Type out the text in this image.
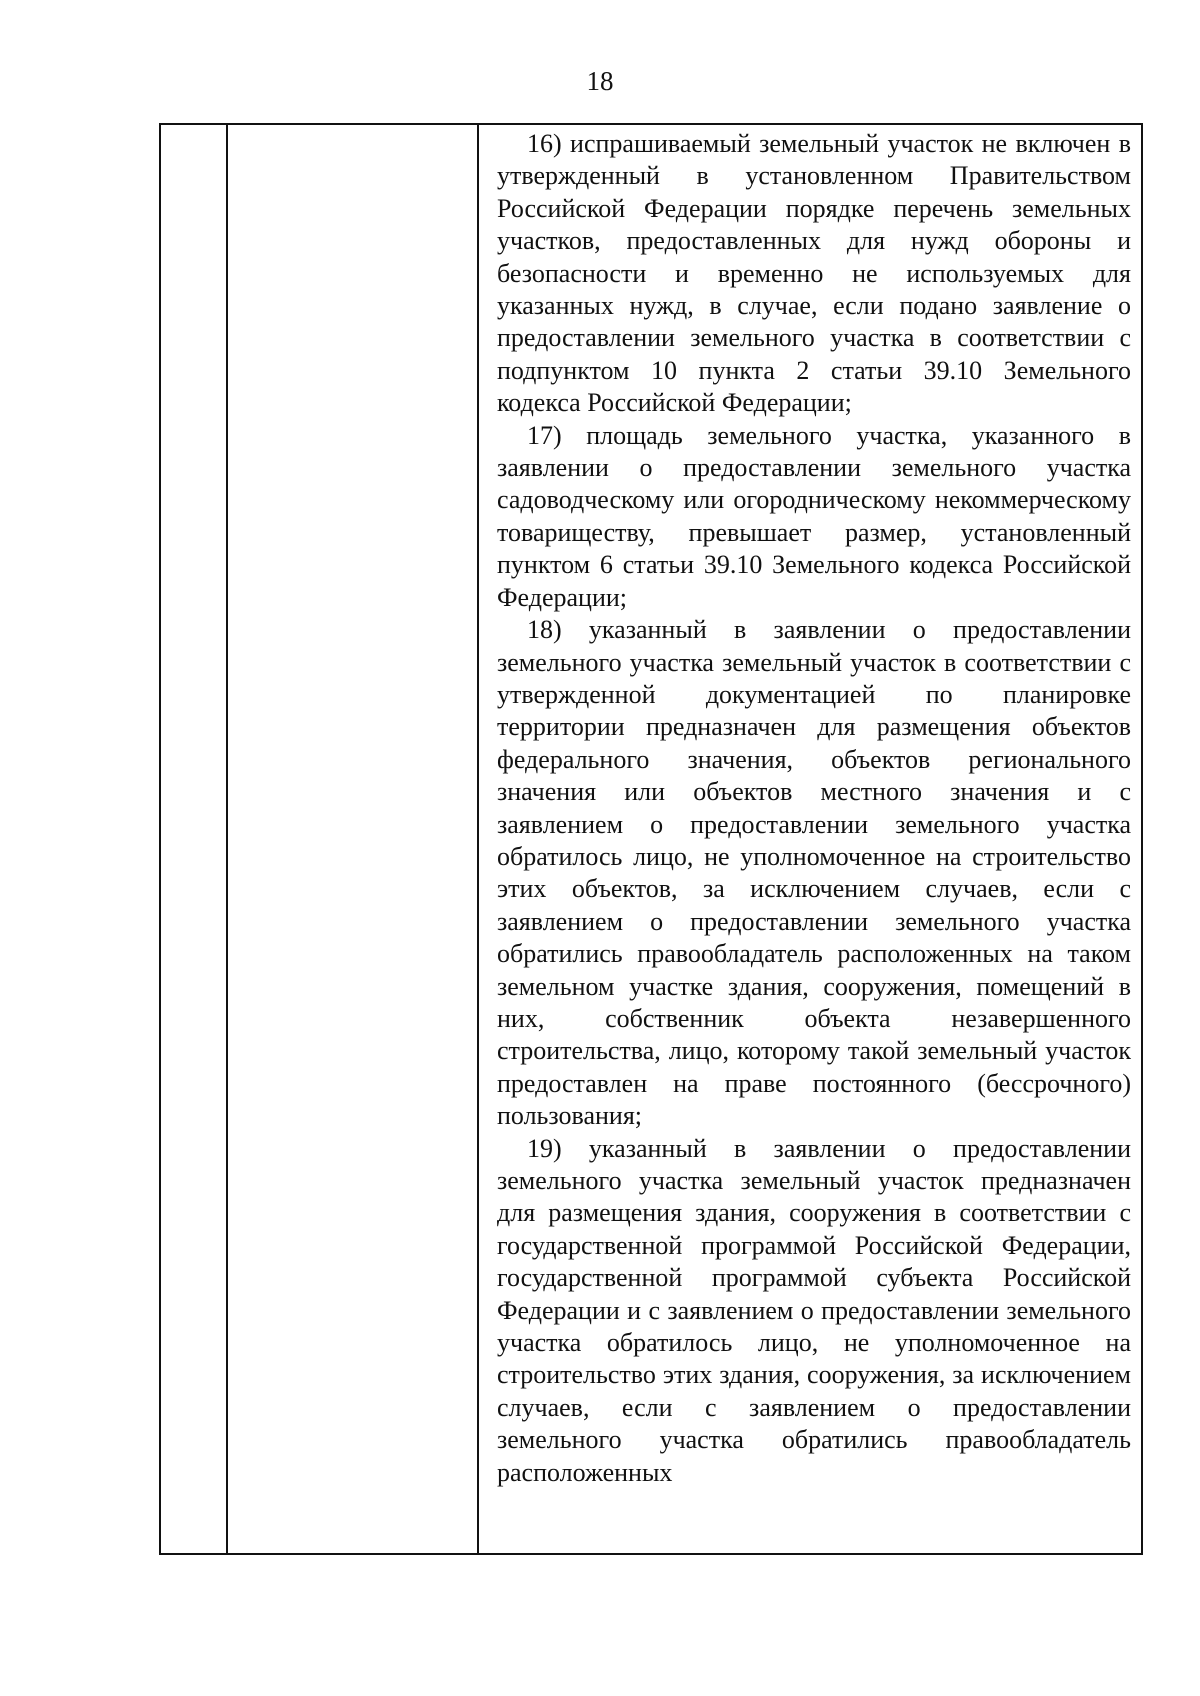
18

16) испрашиваемый земельный участок не включен в утвержденный в установленном Правительством Российской Федерации порядке перечень земельных участков, предоставленных для нужд обороны и безопасности и временно не используемых для указанных нужд, в случае, если подано заявление о предоставлении земельного участка в соответствии с подпунктом 10 пункта 2 статьи 39.10 Земельного кодекса Российской Федерации;

17) площадь земельного участка, указанного в заявлении о предоставлении земельного участка садоводческому или огородническому некоммерческому товариществу, превышает размер, установленный пунктом 6 статьи 39.10 Земельного кодекса Российской Федерации;

18) указанный в заявлении о предоставлении земельного участка земельный участок в соответствии с утвержденной документацией по планировке территории предназначен для размещения объектов федерального значения, объектов регионального значения или объектов местного значения и с заявлением о предоставлении земельного участка обратилось лицо, не уполномоченное на строительство этих объектов, за исключением случаев, если с заявлением о предоставлении земельного участка обратились правообладатель расположенных на таком земельном участке здания, сооружения, помещений в них, собственник объекта незавершенного строительства, лицо, которому такой земельный участок предоставлен на праве постоянного (бессрочного) пользования;

19) указанный в заявлении о предоставлении земельного участка земельный участок предназначен для размещения здания, сооружения в соответствии с государственной программой Российской Федерации, государственной программой субъекта Российской Федерации и с заявлением о предоставлении земельного участка обратилось лицо, не уполномоченное на строительство этих здания, сооружения, за исключением случаев, если с заявлением о предоставлении земельного участка обратились правообладатель расположенных
